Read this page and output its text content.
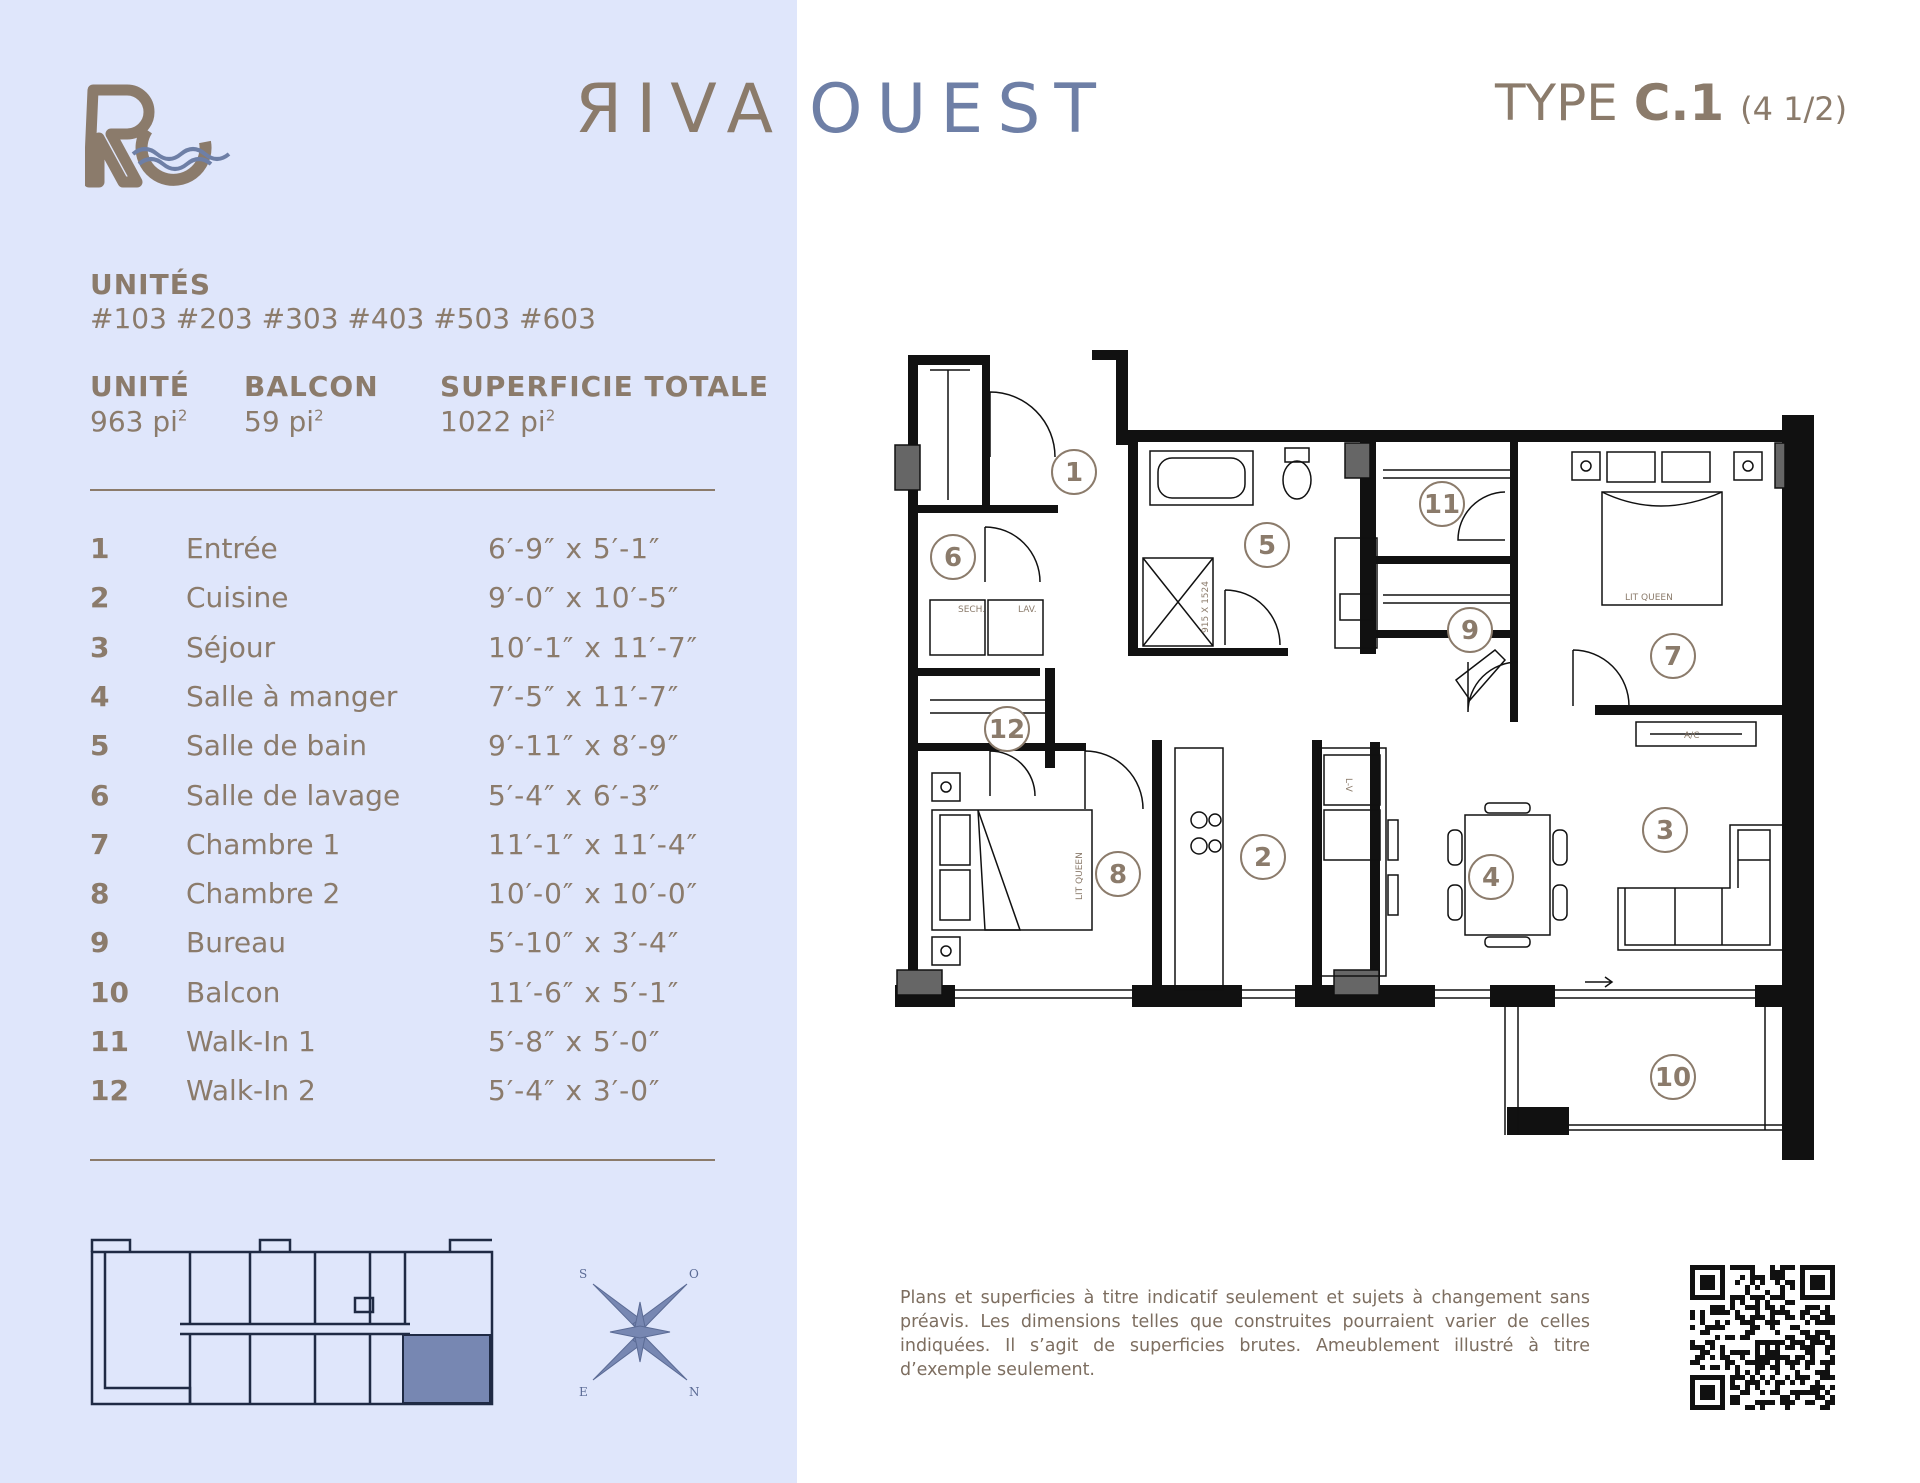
ЯIVA OUEST	TYPE C.1 (4 1/2)
UNITÉS
#103 #203 #303 #403 #503 #603
UNITÉ
963 $pi^2$
BALCON
59 $pi^2$
SUPERFICIE TOTALE
1022 $pi^2$
1	Entrée	6′-9″ x 5′-1″
2	Cuisine	9′-0″ x 10′-5″
3	Séjour	10′-1″ x 11′-7″
4	Salle à manger	7′-5″ x 11′-7″
5	Salle de bain	9′-11″ x 8′-9″
6	Salle de lavage	5′-4″ x 6′-3″
7	Chambre 1	11′-1″ x 11′-4″
8	Chambre 2	10′-0″ x 10′-0″
9	Bureau	5′-10″ x 3′-4″
10 Balcon	11′-6″ x 5′-1″
11 Walk-In 1	5′-8″ x 5′-0″
12 Walk-In 2	5′-4″ x 3′-0″
S	O
E	N
1
2
3
4
5
6
7
8
9
10
11
12
SECH.	LAV.
LIT QUEEN
A/C
LIT QUEEN
915 X 1524
L-V
Plans et superficies à titre indicatif seulement et sujets à changement sans préavis. Les dimensions telles que construites pourraient varier de celles indiquées. Il s’agit de superficies brutes. Ameublement illustré à titre d’exemple seulement.
